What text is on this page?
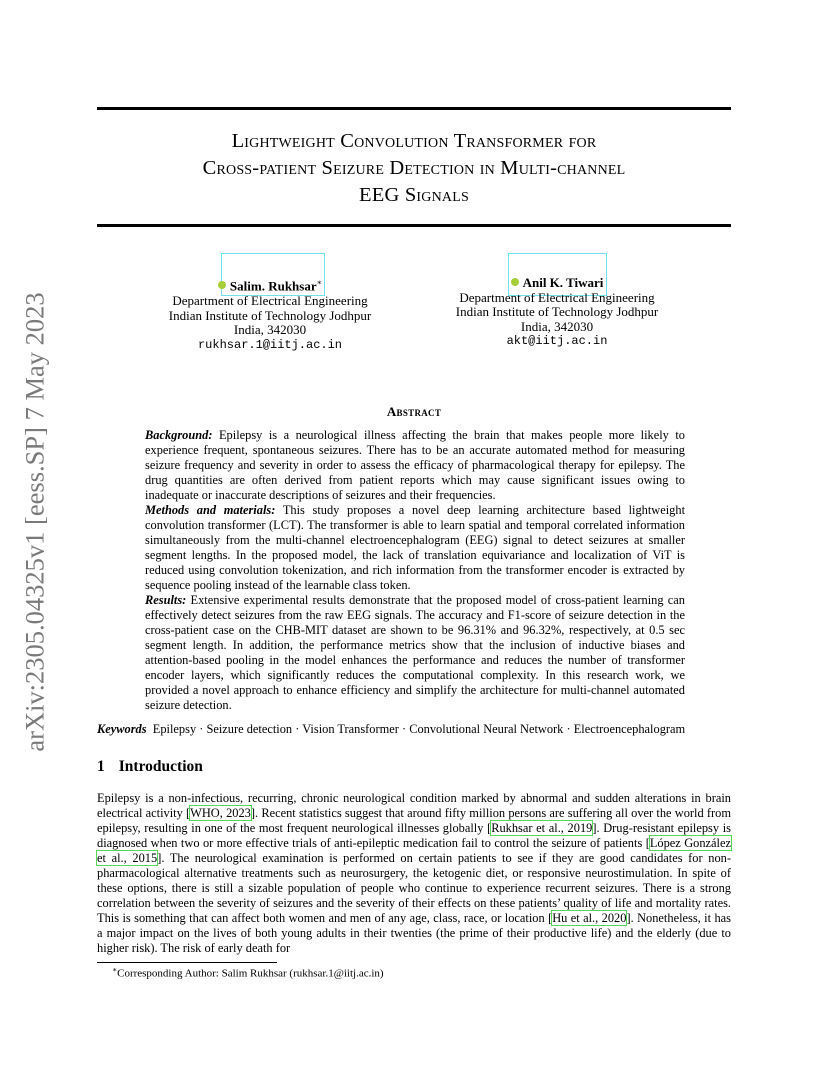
arXiv:2305.04325v1 [eess.SP] 7 May 2023
Lightweight Convolution Transformer for
Cross-patient Seizure Detection in Multi-channel
EEG Signals
Salim. Rukhsar∗
Department of Electrical Engineering
Indian Institute of Technology Jodhpur
India, 342030
rukhsar.1@iitj.ac.in
Anil K. Tiwari
Department of Electrical Engineering
Indian Institute of Technology Jodhpur
India, 342030
akt@iitj.ac.in
Abstract

Background: Epilepsy is a neurological illness affecting the brain that makes people more likely to experience frequent, spontaneous seizures. There has to be an accurate automated method for measuring seizure frequency and severity in order to assess the efficacy of pharmacological therapy for epilepsy. The drug quantities are often derived from patient reports which may cause significant issues owing to inadequate or inaccurate descriptions of seizures and their frequencies.

Methods and materials: This study proposes a novel deep learning architecture based lightweight convolution transformer (LCT). The transformer is able to learn spatial and temporal correlated information simultaneously from the multi-channel electroencephalogram (EEG) signal to detect seizures at smaller segment lengths. In the proposed model, the lack of translation equivariance and localization of ViT is reduced using convolution tokenization, and rich information from the transformer encoder is extracted by sequence pooling instead of the learnable class token.

Results: Extensive experimental results demonstrate that the proposed model of cross-patient learning can effectively detect seizures from the raw EEG signals. The accuracy and F1-score of seizure detection in the cross-patient case on the CHB-MIT dataset are shown to be 96.31% and 96.32%, respectively, at 0.5 sec segment length. In addition, the performance metrics show that the inclusion of inductive biases and attention-based pooling in the model enhances the performance and reduces the number of transformer encoder layers, which significantly reduces the computational complexity. In this research work, we provided a novel approach to enhance efficiency and simplify the architecture for multi-channel automated seizure detection.

Keywords Epilepsy · Seizure detection · Vision Transformer · Convolutional Neural Network · Electroencephalogram
1 Introduction
Epilepsy is a non-infectious, recurring, chronic neurological condition marked by abnormal and sudden alterations in brain electrical activity [WHO, 2023]. Recent statistics suggest that around fifty million persons are suffering all over the world from epilepsy, resulting in one of the most frequent neurological illnesses globally [Rukhsar et al., 2019]. Drug-resistant epilepsy is diagnosed when two or more effective trials of anti-epileptic medication fail to control the seizure of patients [López González et al., 2015]. The neurological examination is performed on certain patients to see if they are good candidates for non-pharmacological alternative treatments such as neurosurgery, the ketogenic diet, or responsive neurostimulation. In spite of these options, there is still a sizable population of people who continue to experience recurrent seizures. There is a strong correlation between the severity of seizures and the severity of their effects on these patients’ quality of life and mortality rates. This is something that can affect both women and men of any age, class, race, or location [Hu et al., 2020]. Nonetheless, it has a major impact on the lives of both young adults in their twenties (the prime of their productive life) and the elderly (due to higher risk). The risk of early death for
∗Corresponding Author: Salim Rukhsar (rukhsar.1@iitj.ac.in)
